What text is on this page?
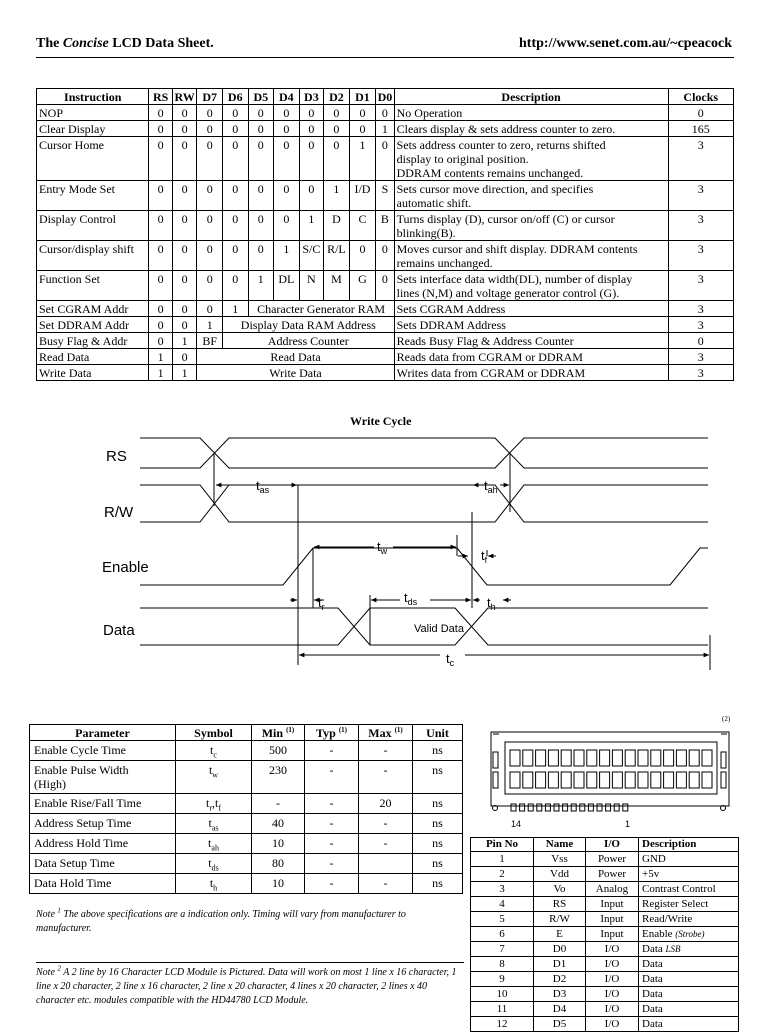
The Concise LCD Data Sheet.	http://www.senet.com.au/~cpeacock
Instruction	RS	RW	D7	D6	D5	D4	D3	D2	D1	D0	Description	Clocks
NOP	0	0	0	0	0	0	0	0	0	0	No Operation	0
Clear Display	0	0	0	0	0	0	0	0	0	1	Clears display & sets address counter to zero.	165
Cursor Home	0	0	0	0	0	0	0	0	1	0	Sets address counter to zero, returns shifted
display to original position.
DDRAM contents remains unchanged.	3
Entry Mode Set	0	0	0	0	0	0	0	1	I/D	S	Sets cursor move direction, and specifies
automatic shift.	3
Display Control	0	0	0	0	0	0	1	D	C	B	Turns display (D), cursor on/off (C) or cursor
blinking(B).	3
Cursor/display shift	0	0	0	0	0	1	S/C	R/L	0	0	Moves cursor and shift display. DDRAM contents
remains unchanged.	3
Function Set	0	0	0	0	1	DL	N	M	G	0	Sets interface data width(DL), number of display
lines (N,M) and voltage generator control (G).	3
Set CGRAM Addr	0	0	0	1	Character Generator RAM						Sets CGRAM Address	3
Set DDRAM Addr	0	0	1	Display Data RAM Address							Sets DDRAM Address	3
Busy Flag & Addr	0	1	BF	Address Counter							Reads Busy Flag & Address Counter	0
Read Data	1	0	Read Data								Reads data from CGRAM or DDRAM	3
Write Data	1	1	Write Data								Writes data from CGRAM or DDRAM	3
Write Cycle
RS
R/W
Enable
Data
$t_{as}$	$t_{ah}$
$t_w$	$t_f$
$t_r$
$t_{ds}$	$t_h$
$t_c$
Valid Data
Parameter	Symbol	Min $^{(1)}$	Typ $^{(1)}$	Max $^{(1)}$	Unit
Enable Cycle Time	$t_c$	500	-	-	ns
Enable Pulse Width
(High)	$t_w$	230	-	-	ns
Enable Rise/Fall Time	$t_r,t_f$	-	-	20	ns
Address Setup Time	$t_{as}$	40	-	-	ns
Address Hold Time	$t_{ah}$	10	-	-	ns
Data Setup Time	$t_{ds}$	80	-		ns
Data Hold Time	$t_h$	10	-	-	ns
Note $^1$ The above specifications are a indication only. Timing will vary from manufacturer to manufacturer.
Note $^2$ A 2 line by 16 Character LCD Module is Pictured. Data will work on most 1 line x 16 character, 1 line x 20 character, 2 line x 16 character, 2 line x 20 character, 4 lines x 20 character, 2 lines x 40 character etc. modules compatible with the HD44780 LCD Module.
(2)
14	1
Pin No	Name	I/O	Description
1	Vss	Power	GND
2	Vdd	Power	+5v
3	Vo	Analog	Contrast Control
4	RS	Input	Register Select
5	R/W	Input	Read/Write
6	E	Input	Enable (Strobe)
7	D0	I/O	Data LSB
8	D1	I/O	Data
9	D2	I/O	Data
10	D3	I/O	Data
11	D4	I/O	Data
12	D5	I/O	Data
